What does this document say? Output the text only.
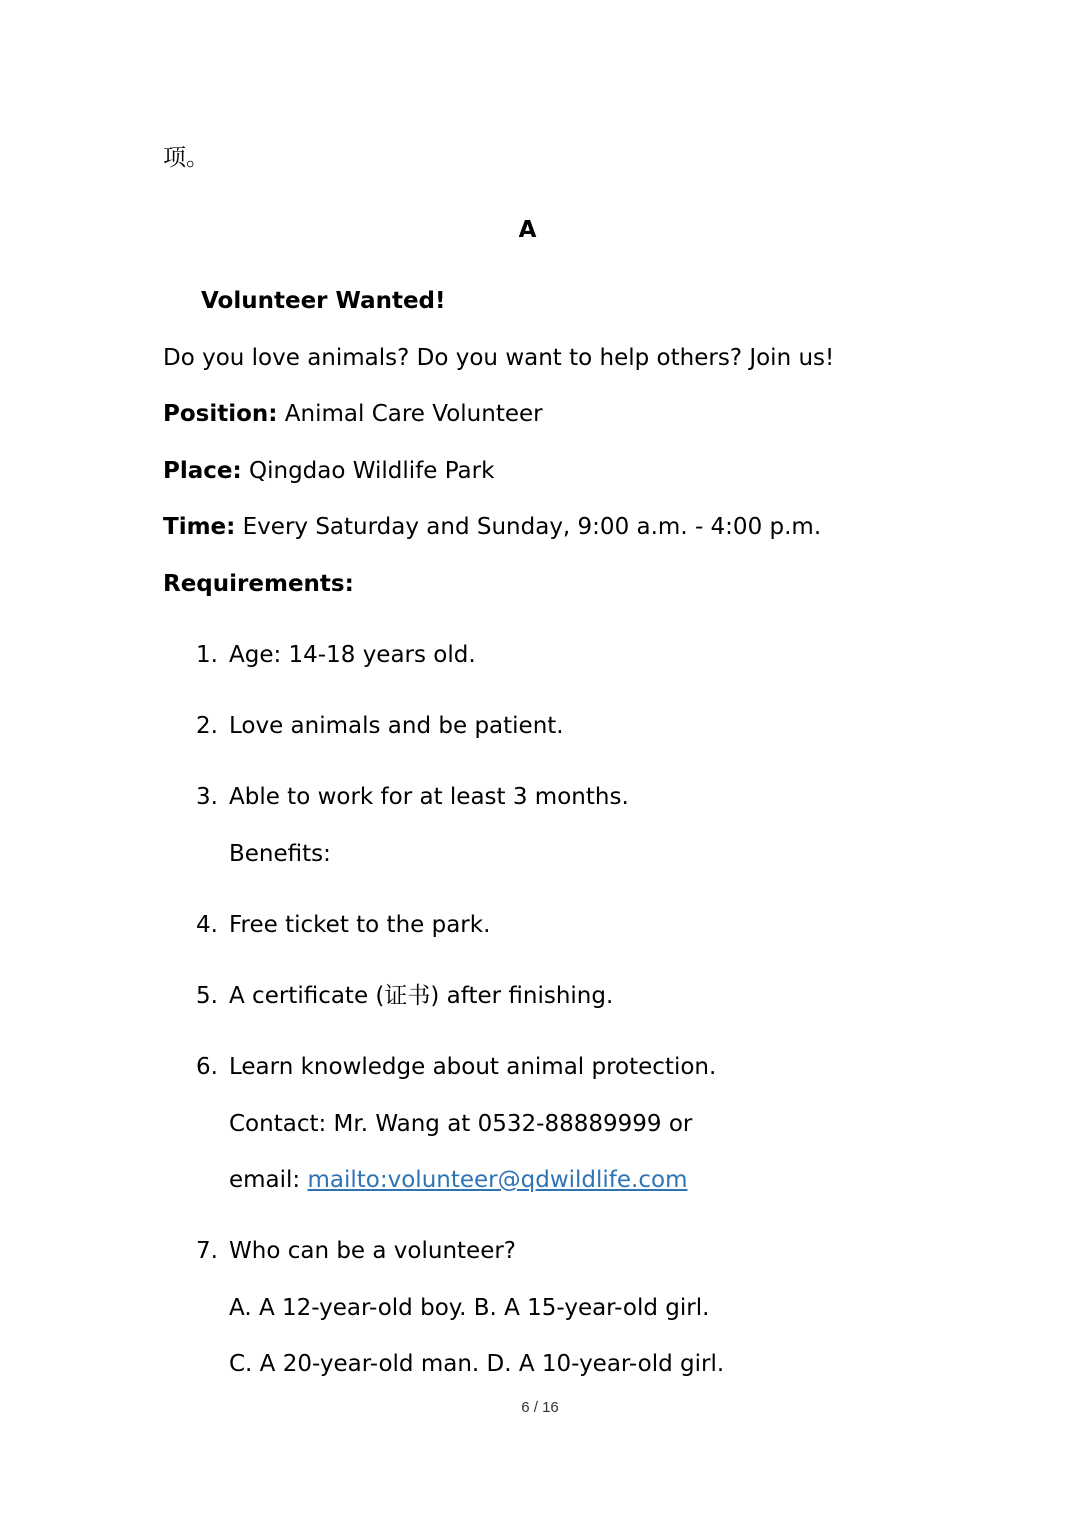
项。
A
Volunteer Wanted!
Do you love animals? Do you want to help others? Join us!
Position: Animal Care Volunteer
Place: Qingdao Wildlife Park
Time: Every Saturday and Sunday, 9:00 a.m. - 4:00 p.m.
Requirements:
1. Age: 14-18 years old.
2. Love animals and be patient.
3. Able to work for at least 3 months.
Benefits:
4. Free ticket to the park.
5. A certificate (证书) after finishing.
6. Learn knowledge about animal protection.
Contact: Mr. Wang at 0532-88889999 or
email: mailto:volunteer@qdwildlife.com
7. Who can be a volunteer?
A. A 12-year-old boy. B. A 15-year-old girl.
C. A 20-year-old man. D. A 10-year-old girl.
6 / 16
